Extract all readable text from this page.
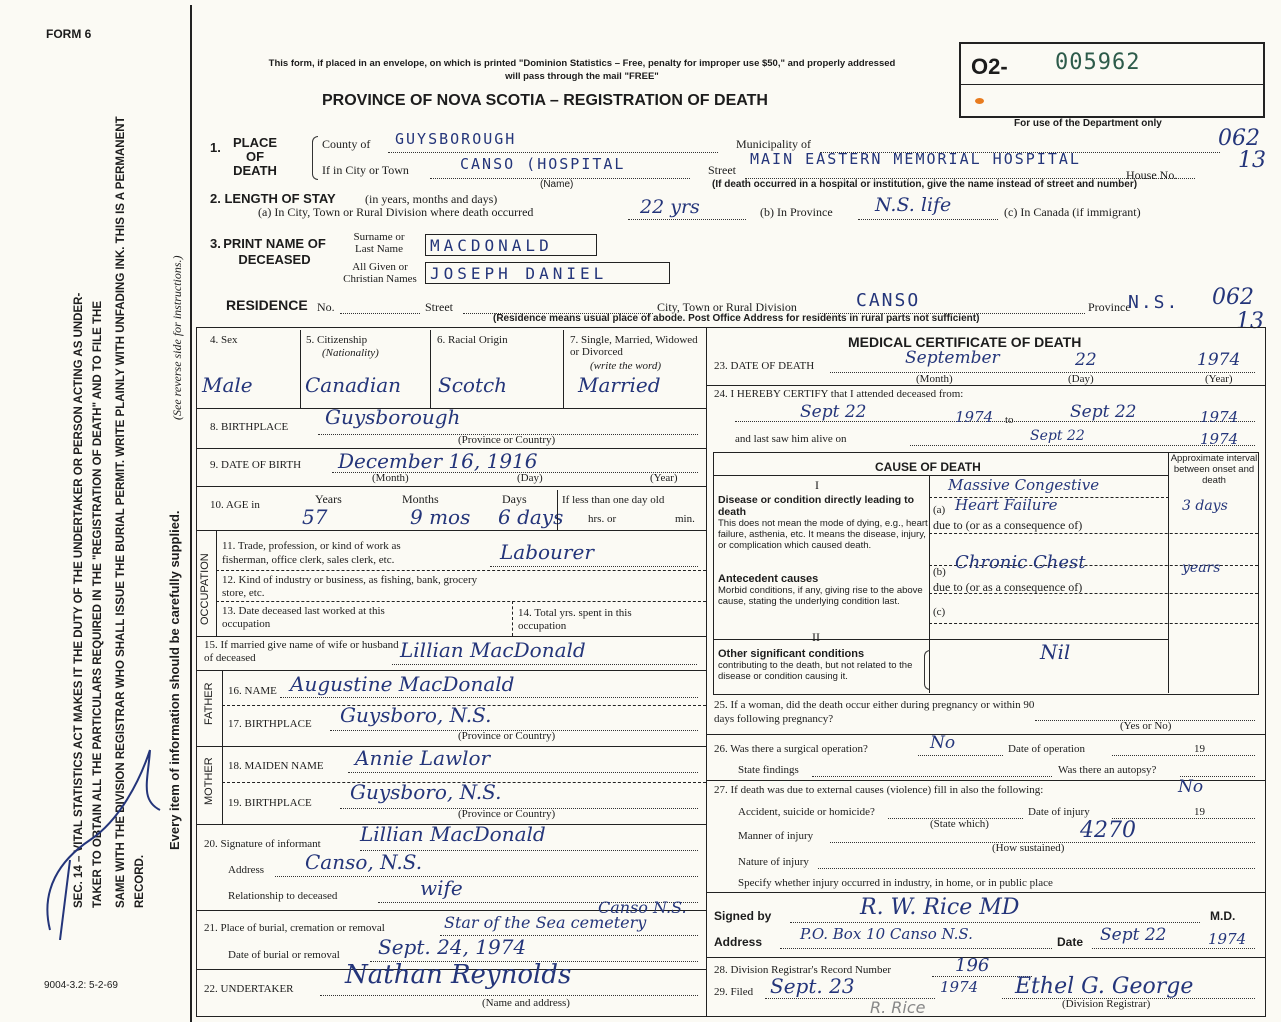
FORM 6
SEC. 14 – VITAL STATISTICS ACT MAKES IT THE DUTY OF THE UNDERTAKER OR PERSON ACTING AS UNDER- TAKER TO OBTAIN ALL THE PARTICULARS REQUIRED IN THE "REGISTRATION OF DEATH" AND TO FILE THE SAME WITH THE DIVISION REGISTRAR WHO SHALL ISSUE THE BURIAL PERMIT. WRITE PLAINLY WITH UNFADING INK. THIS IS A PERMANENT RECORD.
Every item of information should be carefully supplied.
(See reverse side for instructions.)
9004-3.2: 5-2-69
This form, if placed in an envelope, on which is printed "Dominion Statistics – Free, penalty for improper use $50," and properly addressed will pass through the mail "FREE"
PROVINCE OF NOVA SCOTIA – REGISTRATION OF DEATH
O2- 005962
For use of the Department only
1. PLACE OF DEATH
County of GUYSBOROUGH	Municipality of	062
If in City or Town	CANSO (HOSPITAL	Street
MAIN EASTERN MEMORIAL HOSPITAL
House No.
13
(Name)	(If death occurred in a hospital or institution, give the name instead of street and number)
2. LENGTH OF STAY (in years, months and days)
(a) In City, Town or Rural Division where death occurred	22 yrs	(b) In Province N.S. life	(c) In Canada (if immigrant)
3. PRINT NAME OF DECEASED
Surname or Last Name
All Given or Christian Names
MACDONALD
JOSEPH DANIEL
RESIDENCE No.	Street	City, Town or Rural Division	CANSO	Province
N.S. 062
13
(Residence means usual place of abode. Post Office Address for residents in rural parts not sufficient)
4. Sex
Male
5. Citizenship
(Nationality)
Canadian
6. Racial Origin
Scotch
7. Single, Married, Widowed or Divorced
(write the word)
Married
8. BIRTHPLACE Guysborough
(Province or Country)
9. DATE OF BIRTH December 16, 1916
(Month)	(Day)	(Year)
10. AGE in	Years	Months	Days
57	9 mos 6 days
If less than one day old
hrs. or	min.
OCCUPATION
11. Trade, profession, or kind of work as
fisherman, office clerk, sales clerk, etc.	Labourer
12. Kind of industry or business, as fishing, bank, grocery store, etc.
13. Date deceased last worked at this occupation
14. Total yrs. spent in this occupation
15. If married give name of wife or husband of deceased	Lillian MacDonald
FATHER 16. NAME Augustine MacDonald
17. BIRTHPLACE Guysboro, N.S.
(Province or Country)
MOTHER 18. MAIDEN NAME Annie Lawlor
19. BIRTHPLACE Guysboro, N.S.
(Province or Country)
20. Signature of informant Lillian MacDonald
Address Canso, N.S.
Relationship to deceased	wife
21. Place of burial, cremation or removal	Star of the Sea cemetery
Canso N.S.
Date of burial or removal Sept. 24, 1974
22. UNDERTAKER Nathan Reynolds
(Name and address)
MEDICAL CERTIFICATE OF DEATH
23. DATE OF DEATH	September	22	1974
(Month)	(Day)	(Year)
24. I HEREBY CERTIFY that I attended deceased from:
Sept 22	1974 to	Sept 22	1974
and last saw him alive on	Sept 22	1974
CAUSE OF DEATH
Approximate interval between onset and death
I
Disease or condition directly leading to death
This does not mean the mode of dying, e.g., heart failure, asthenia, etc. It means the disease, injury, or complication which caused death.
Massive Congestive
(a) Heart Failure	3 days
due to (or as a consequence of)
Antecedent causes
Morbid conditions, if any, giving rise to the above cause, stating the underlying condition last.
(b) Chronic Chest	years
due to (or as a consequence of)
(c)
II
Other significant conditions
contributing to the death, but not related to the disease or condition causing it.
Nil
25. If a woman, did the death occur either during pregnancy or within 90 days following pregnancy?
(Yes or No)
26. Was there a surgical operation?	No	Date of operation	19
State findings	Was there an autopsy?
27. If death was due to external causes (violence) fill in also the following:	No
Accident, suicide or homicide?	Date of injury	19
(State which)
Manner of injury	4270
(How sustained)
Nature of injury
Specify whether injury occurred in industry, in home, or in public place
Signed by	R. W. Rice MD	M.D.
Address	P.O. Box 10 Canso N.S.	Date Sept 22	1974
28. Division Registrar's Record Number	196
29. Filed Sept. 23	1974 Ethel G. George
(Division Registrar)
R. Rice
